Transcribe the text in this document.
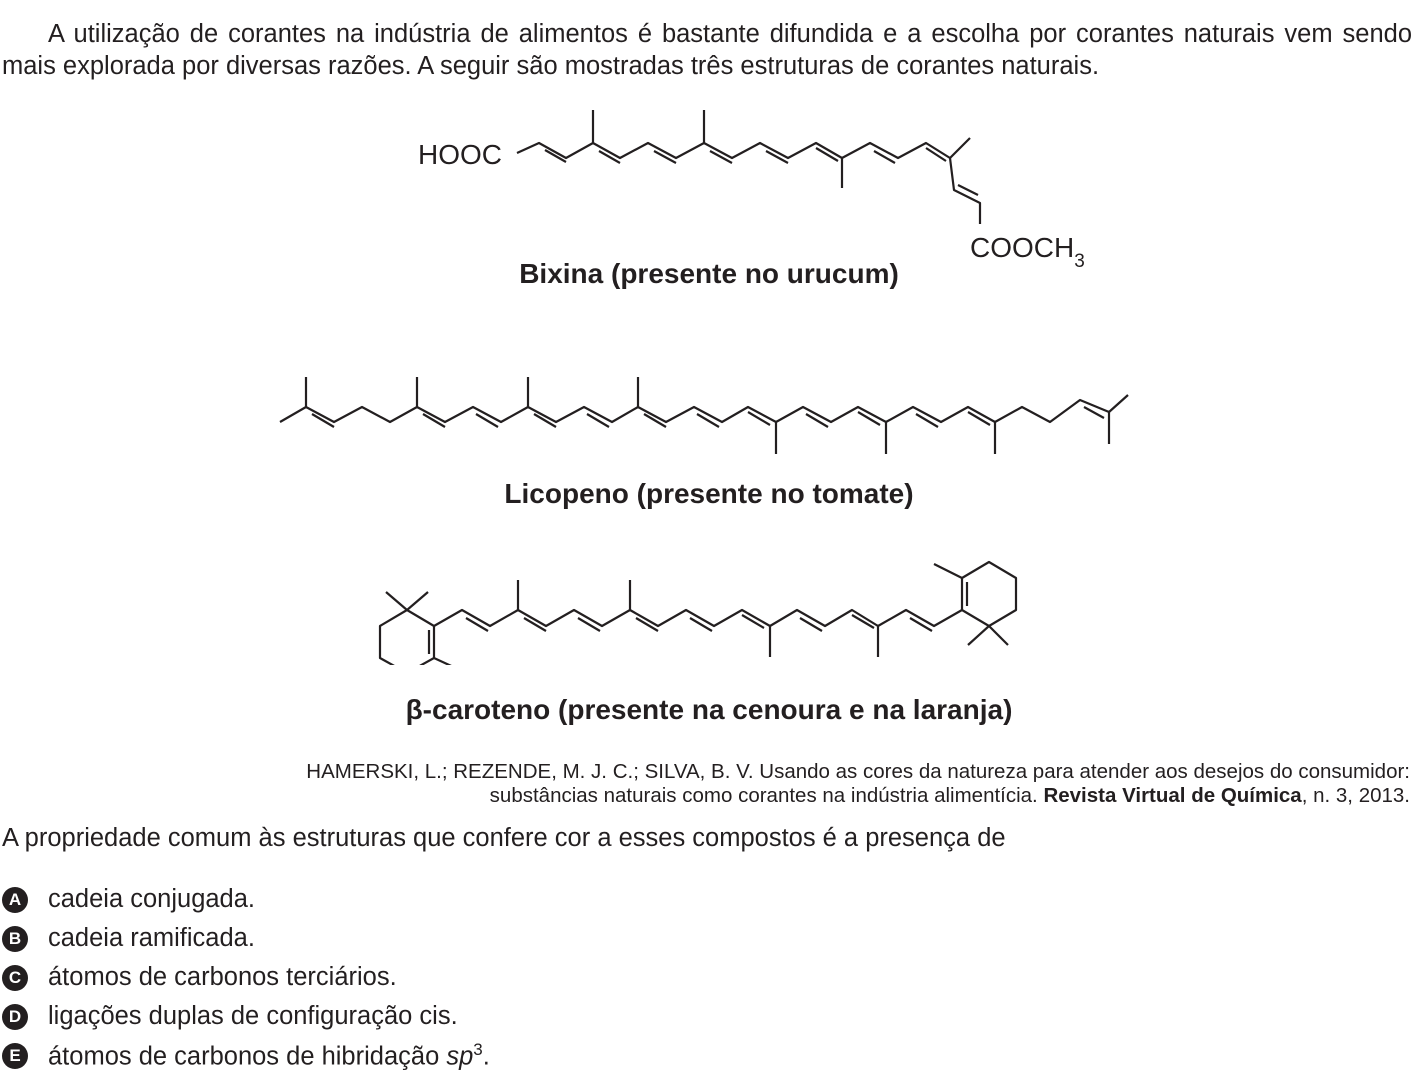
A utilização de corantes na indústria de alimentos é bastante difundida e a escolha por corantes naturais vem sendo mais explorada por diversas razões. A seguir são mostradas três estruturas de corantes naturais.

HOOC
$COOCH_3$
Bixina (presente no urucum)
Licopeno (presente no tomate)
β-caroteno (presente na cenoura e na laranja)
HAMERSKI, L.; REZENDE, M. J. C.; SILVA, B. V. Usando as cores da natureza para atender aos desejos do consumidor:
substâncias naturais como corantes na indústria alimentícia. Revista Virtual de Química, n. 3, 2013.
A propriedade comum às estruturas que confere cor a esses compostos é a presença de
A cadeia conjugada.
B cadeia ramificada.
C átomos de carbonos terciários.
D ligações duplas de configuração cis.
E átomos de carbonos de hibridação $sp^3$.
